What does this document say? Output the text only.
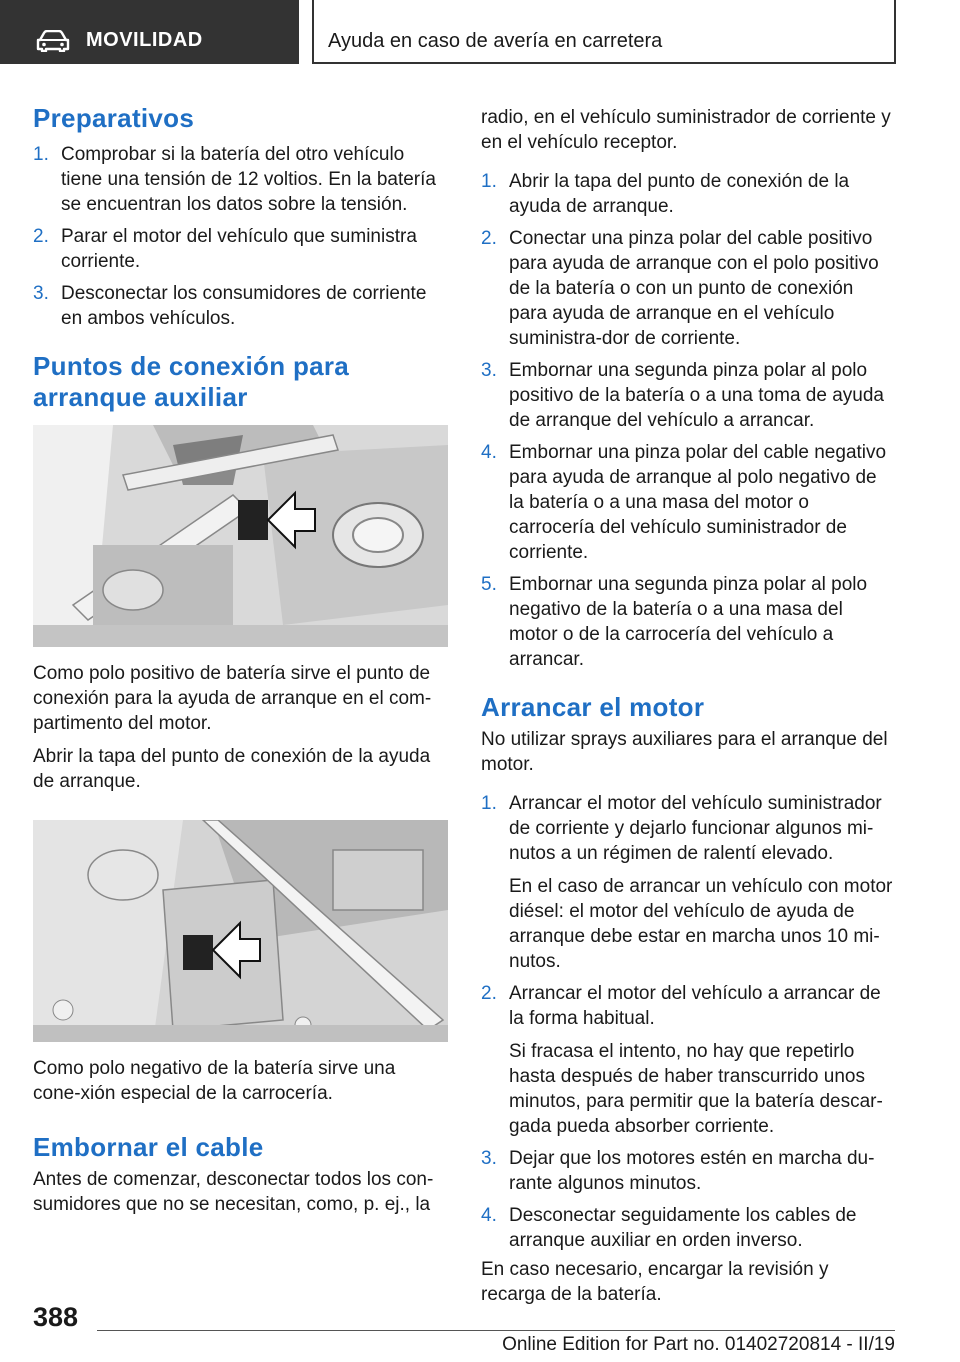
MOVILIDAD	Ayuda en caso de avería en carretera
Preparativos
1. Comprobar si la batería del otro vehículo tiene una tensión de 12 voltios. En la batería se encuentran los datos sobre la tensión.
2. Parar el motor del vehículo que suministra corriente.
3. Desconectar los consumidores de corriente en ambos vehículos.
Puntos de conexión para
arranque auxiliar

Como polo positivo de batería sirve el punto de conexión para la ayuda de arranque en el com‐partimento del motor.

Abrir la tapa del punto de conexión de la ayuda de arranque.

Como polo negativo de la batería sirve una cone‐xión especial de la carrocería.

Embornar el cable

Antes de comenzar, desconectar todos los con‐sumidores que no se necesitan, como, p. ej., la

radio, en el vehículo suministrador de corriente y en el vehículo receptor.

1. Abrir la tapa del punto de conexión de la ayuda de arranque.
2. Conectar una pinza polar del cable positivo para ayuda de arranque con el polo positivo de la batería o con un punto de conexión para ayuda de arranque en el vehículo suministra‐dor de corriente.
3. Embornar una segunda pinza polar al polo positivo de la batería o a una toma de ayuda de arranque del vehículo a arrancar.
4. Embornar una pinza polar del cable negativo para ayuda de arranque al polo negativo de la batería o a una masa del motor o carrocería del vehículo suministrador de corriente.
5. Embornar una segunda pinza polar al polo negativo de la batería o a una masa del motor o de la carrocería del vehículo a arrancar.
Arrancar el motor

No utilizar sprays auxiliares para el arranque del motor.

1. Arrancar el motor del vehículo suministrador de corriente y dejarlo funcionar algunos mi‐nutos a un régimen de ralentí elevado.
En el caso de arrancar un vehículo con motor diésel: el motor del vehículo de ayuda de arranque debe estar en marcha unos 10 mi‐nutos.
2. Arrancar el motor del vehículo a arrancar de la forma habitual.
Si fracasa el intento, no hay que repetirlo hasta después de haber transcurrido unos minutos, para permitir que la batería descar‐gada pueda absorber corriente.
3. Dejar que los motores estén en marcha du‐rante algunos minutos.
4. Desconectar seguidamente los cables de arranque auxiliar en orden inverso.

En caso necesario, encargar la revisión y recarga de la batería.

388
Online Edition for Part no. 01402720814 - II/19
